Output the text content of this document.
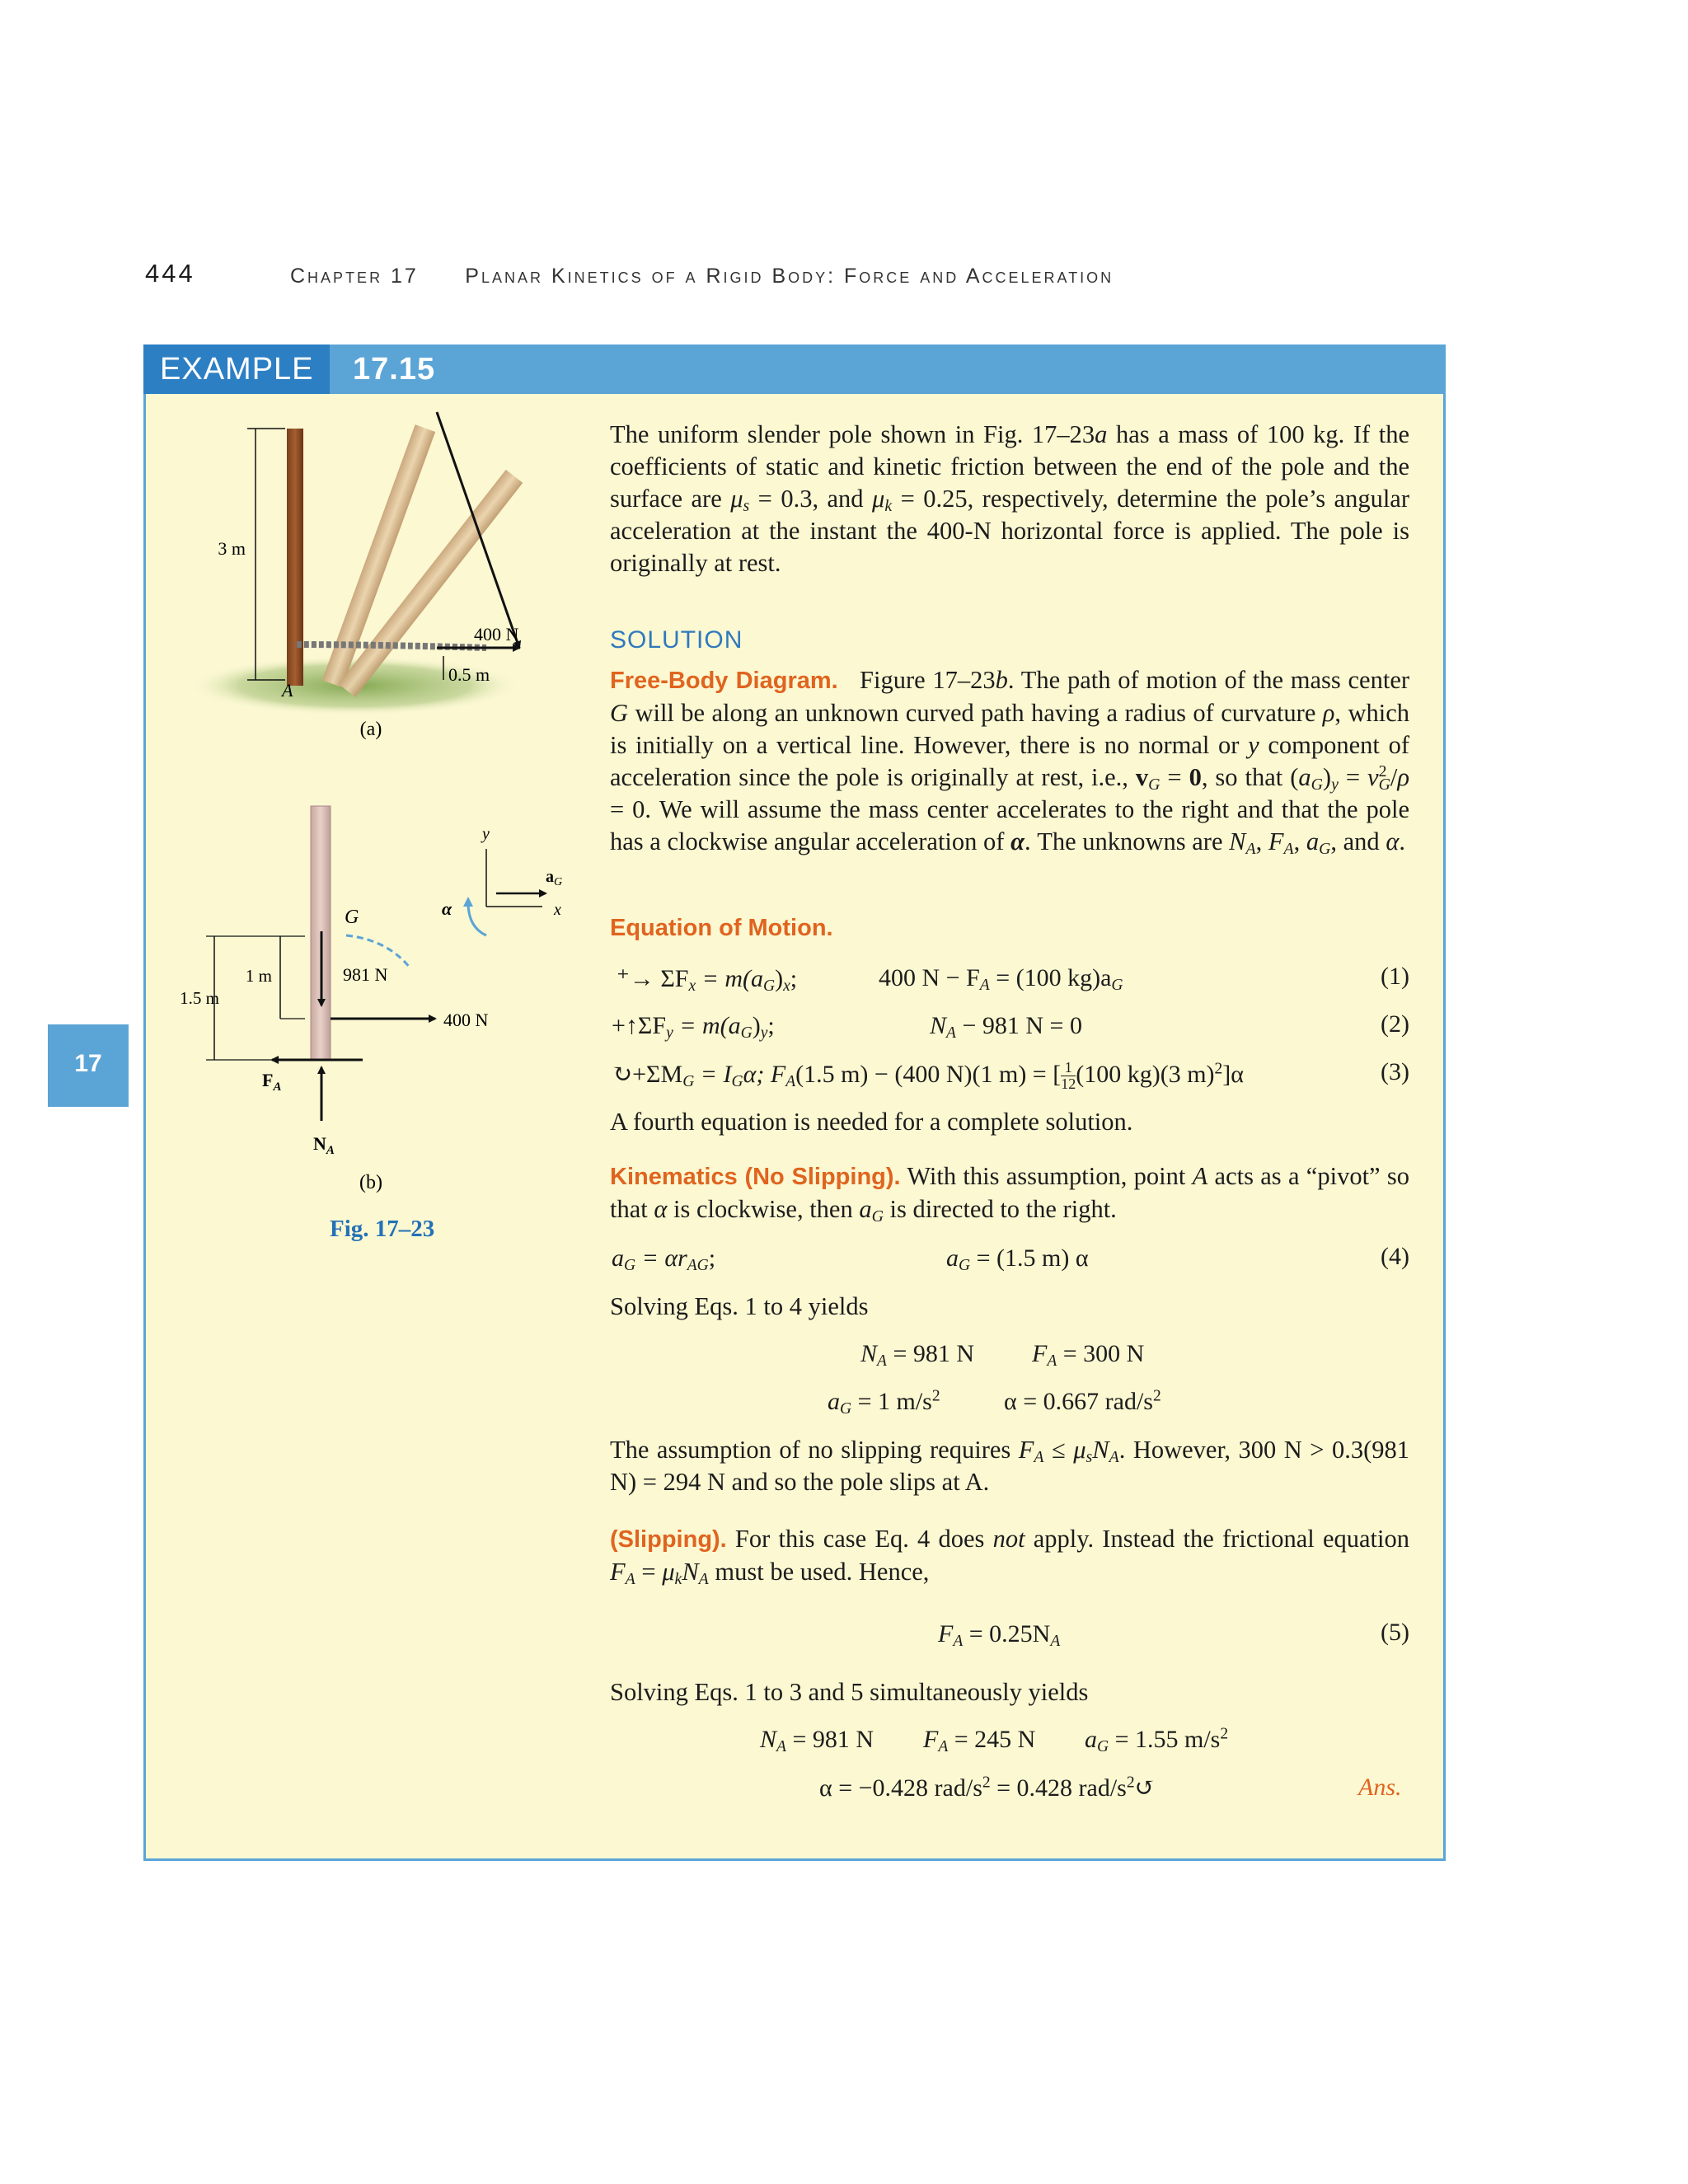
444	Chapter 17 Planar Kinetics of a Rigid Body: Force and Acceleration
EXAMPLE 17.15
17
3 m
400 N
0.5 m
A
(a)
G
981 N
400 N
$F_A$
$N_A$
1 m
1.5 m
y
x
$a_G$
α
(b)
Fig. 17–23
The uniform slender pole shown in Fig. 17–23a has a mass of 100 kg. If the coefficients of static and kinetic friction between the end of the pole and the surface are $\mu_s = 0.3$, and $\mu_k = 0.25$, respectively, determine the pole’s angular acceleration at the instant the 400-N horizontal force is applied. The pole is originally at rest.
SOLUTION
Free-Body Diagram. Figure 17–23b. The path of motion of the mass center G will be along an unknown curved path having a radius of curvature ρ, which is initially on a vertical line. However, there is no normal or y component of acceleration since the pole is originally at rest, i.e., $v_G = 0$, so that $(a_G)_y = v^2_G/\rho = 0$. We will assume the mass center accelerates to the right and that the pole has a clockwise angular acceleration of α. The unknowns are $N_A$, $F_A$, $a_G$, and α.
Equation of Motion.
⁺→ $\Sigma F_x = m(a_G)_x$;	400 $N - F_A = (100$ $kg)a_G$	(1)
$+↑\Sigma F_y = m(a_G)_y$;	$N_A - 981$ N = 0	(2)
$↻+\Sigma M_G = I_G\alpha$; $F_A(1.5$ m) − (400 N)(1 m) = [ $\frac{1}{12} (100$ kg)(3 m)$^2$]α	(3)
A fourth equation is needed for a complete solution.
Kinematics (No Slipping). With this assumption, point A acts as a “pivot” so that α is clockwise, then $a_G$ is directed to the right.
$a_G = \alpha r_{AG}$;	$a_G = (1.5$ m) α	(4)
Solving Eqs. 1 to 4 yields
$N_A = 981$ N $F_A = 300$ N
$a_G = 1$ $m/s^2$	α = 0.667 rad/$s^2$
The assumption of no slipping requires $F_A \le \mu_sN_A$. However, 300 N > 0.3(981 N) = 294 N and so the pole slips at A.
(Slipping). For this case Eq. 4 does not apply. Instead the frictional equation $F_A = \mu_kN_A$ must be used. Hence,
$F_A = 0.25N_A$	(5)
Solving Eqs. 1 to 3 and 5 simultaneously yields
$N_A = 981$ N $F_A = 245$ N $a_G = 1.55$ $m/s^2$
α = −0.428 rad/$s^2 = 0.428$ rad/$s^2↺$	Ans.
